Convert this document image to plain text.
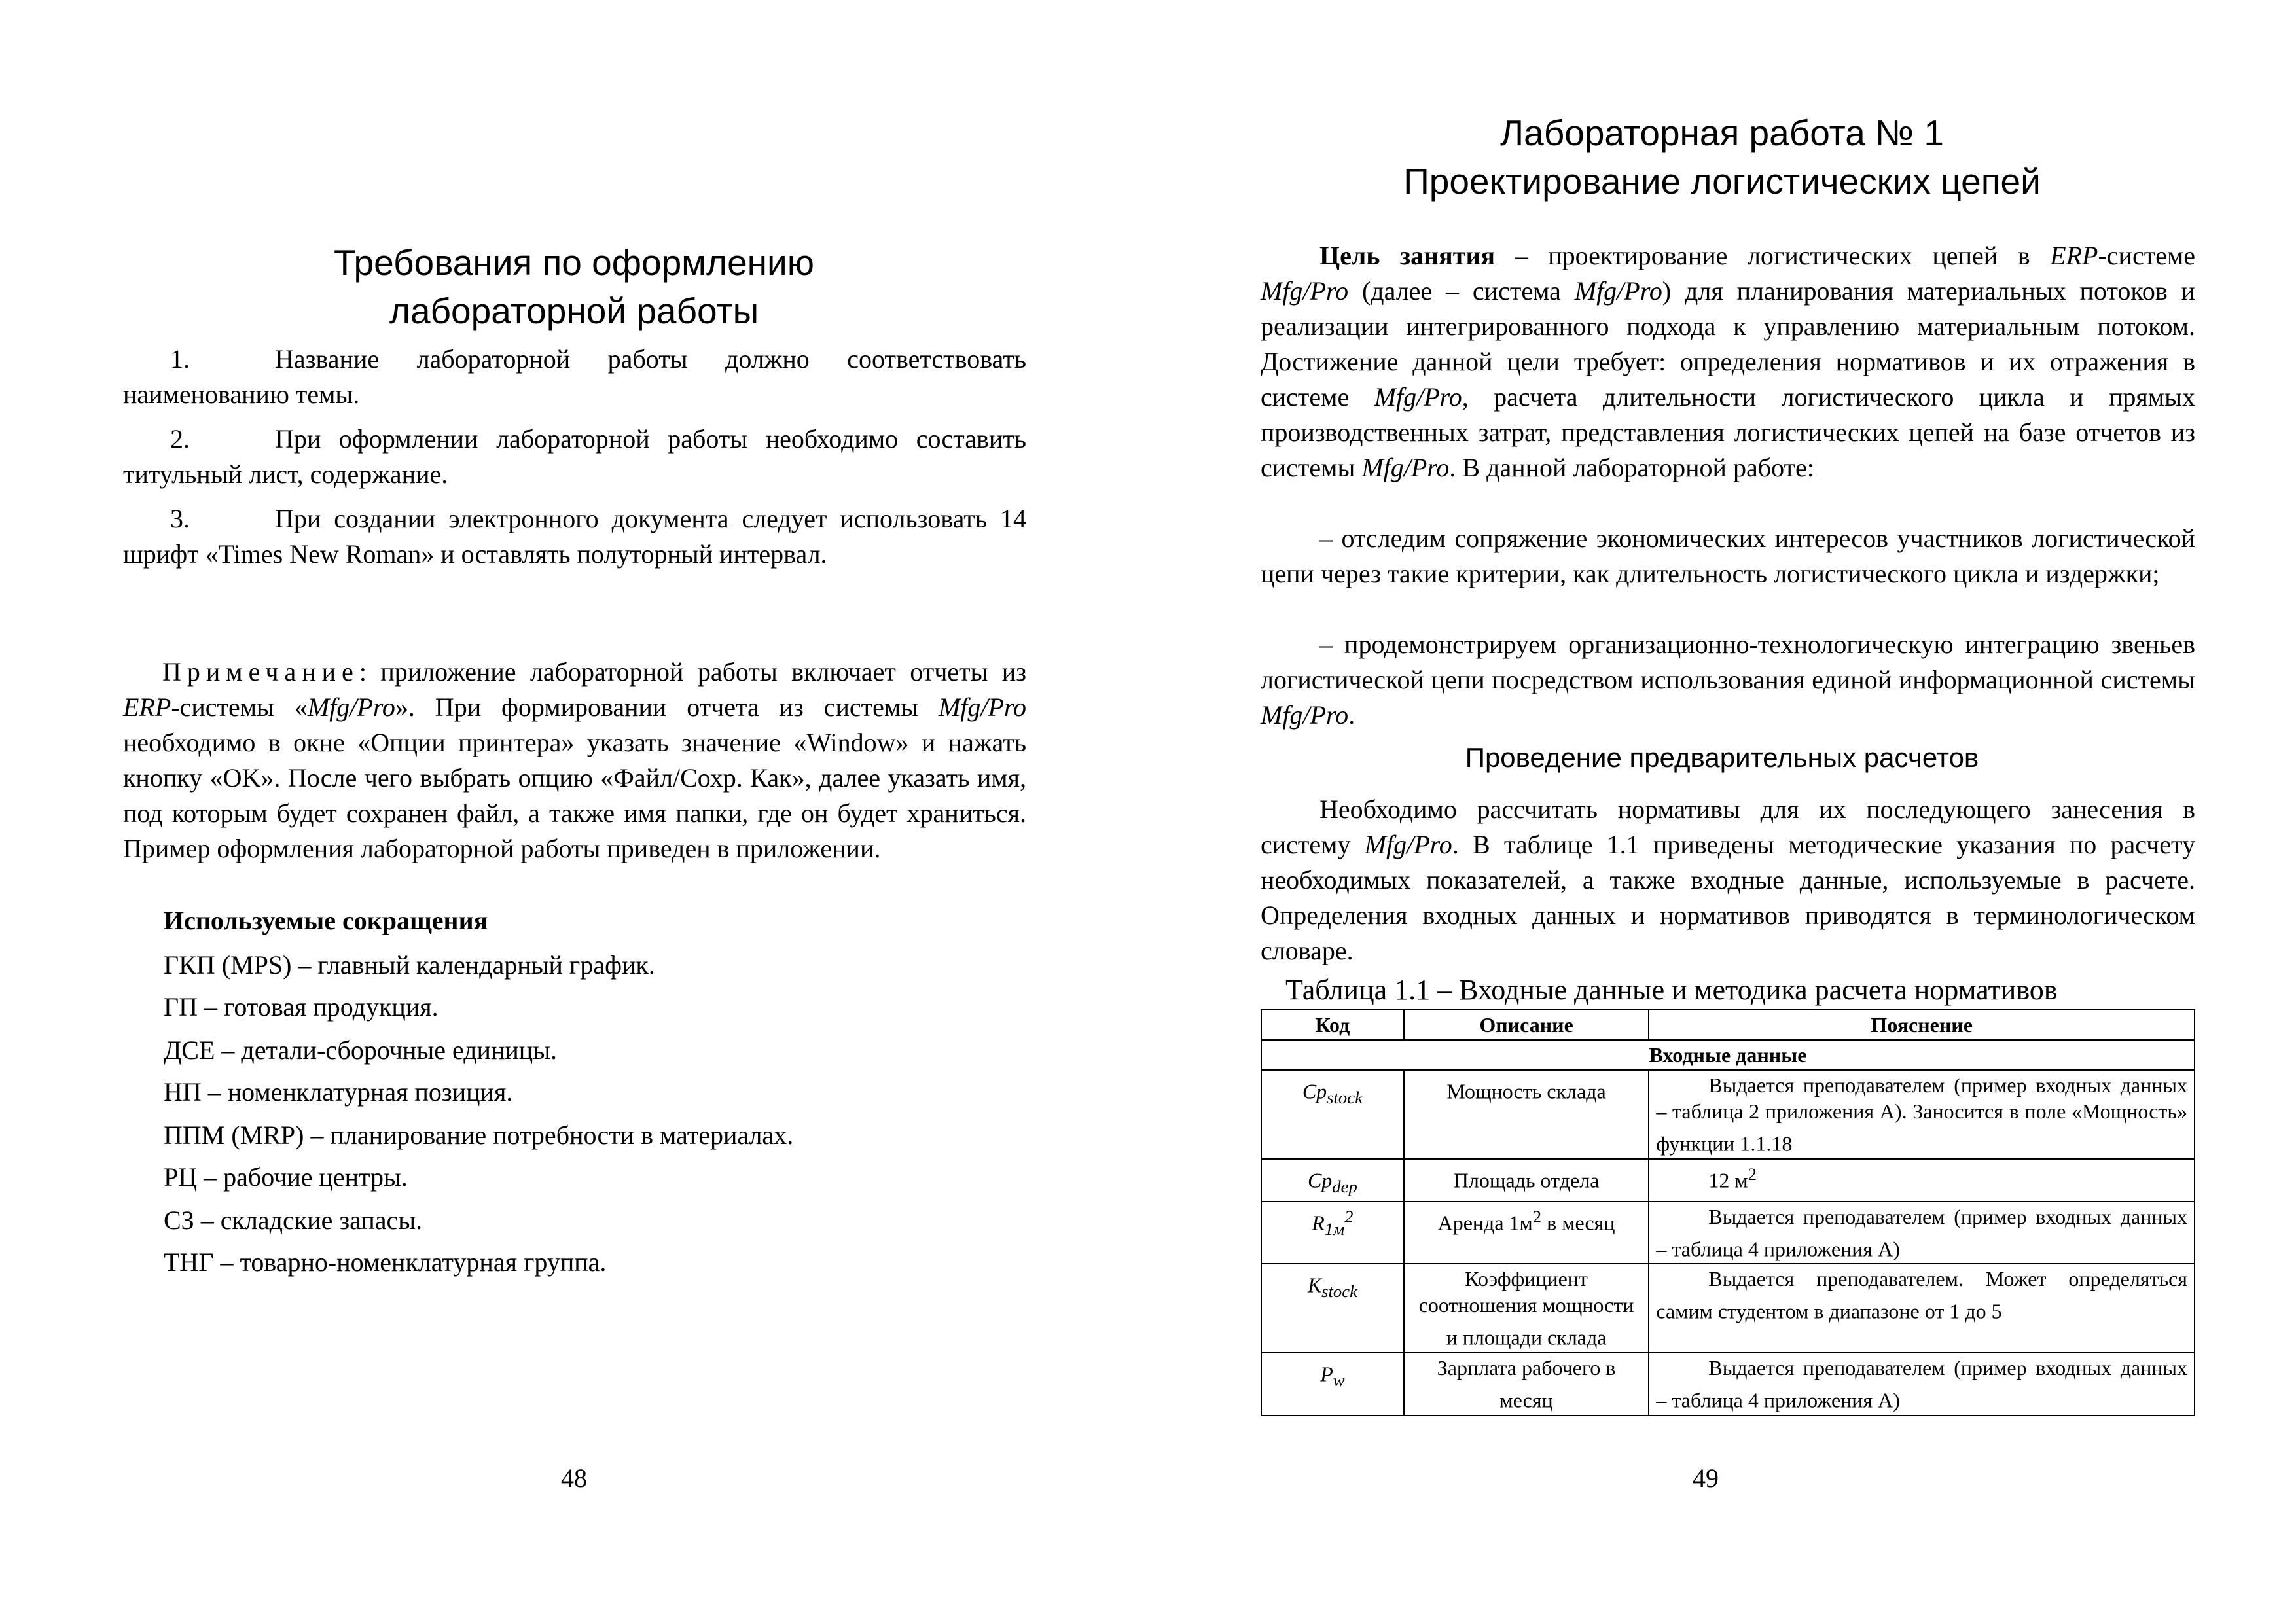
Требования по оформлению
лабораторной работы
1.	Название лабораторной работы должно соответствовать наименованию темы.
2.	При оформлении лабораторной работы необходимо составить титульный лист, содержание.
3.	При создании электронного документа следует использовать 14 шрифт «Times New Roman» и оставлять полуторный интервал.
Примечание: приложение лабораторной работы включает отчеты из ERP-системы «Mfg/Pro». При формировании отчета из системы Mfg/Pro необходимо в окне «Опции принтера» указать значение «Window» и нажать кнопку «OK». После чего выбрать опцию «Файл/Сохр. Как», далее указать имя, под которым будет сохранен файл, а также имя папки, где он будет храниться. Пример оформления лабораторной работы приведен в приложении.
Используемые сокращения
ГКП (MPS) – главный календарный график.
ГП – готовая продукция.
ДСЕ – детали-сборочные единицы.
НП – номенклатурная позиция.
ППМ (MRP) – планирование потребности в материалах.
РЦ – рабочие центры.
СЗ – складские запасы.
ТНГ – товарно-номенклатурная группа.
48
Лабораторная работа № 1
Проектирование логистических цепей
Цель занятия – проектирование логистических цепей в ERP-системе Mfg/Pro (далее – система Mfg/Pro) для планирования материальных потоков и реализации интегрированного подхода к управлению материальным потоком. Достижение данной цели требует: определения нормативов и их отражения в системе Mfg/Pro, расчета длительности логистического цикла и прямых производственных затрат, представления логистических цепей на базе отчетов из системы Mfg/Pro. В данной лабораторной работе:
– отследим сопряжение экономических интересов участников логистической цепи через такие критерии, как длительность логистического цикла и издержки;
– продемонстрируем организационно-технологическую интеграцию звеньев логистической цепи посредством использования единой информационной системы Mfg/Pro.
Проведение предварительных расчетов
Необходимо рассчитать нормативы для их последующего занесения в систему Mfg/Pro. В таблице 1.1 приведены методические указания по расчету необходимых показателей, а также входные данные, используемые в расчете. Определения входных данных и нормативов приводятся в терминологическом словаре.
Таблица 1.1 – Входные данные и методика расчета нормативов
Код	Описание	Пояснение
Входные данные		
$Cp_{stock}$	Мощность склада	Выдается преподавателем (пример входных данных – таблица 2 приложения А). Заносится в поле «Мощность» функции 1.1.18
$Cp_{dep}$	Площадь отдела	12 $м^2$
$R_{1м}^2$	Аренда $1м^2$ в месяц	Выдается преподавателем (пример входных данных – таблица 4 приложения А)
$K_{stock}$	Коэффициент соотношения мощности и площади склада	Выдается преподавателем. Может определяться самим студентом в диапазоне от 1 до 5
$P_w$	Зарплата рабочего в месяц	Выдается преподавателем (пример входных данных – таблица 4 приложения А)
49
